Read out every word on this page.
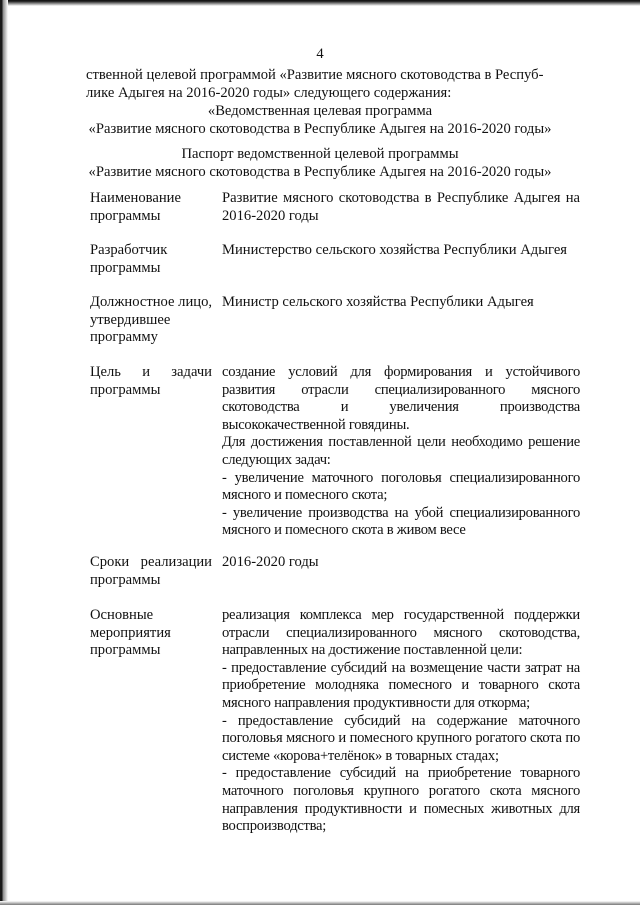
4
ственной целевой программой «Развитие мясного скотоводства в Респуб-
лике Адыгея на 2016-2020 годы» следующего содержания:
«Ведомственная целевая программа
«Развитие мясного скотоводства в Республике Адыгея на 2016-2020 годы»
Паспорт ведомственной целевой программы
«Развитие мясного скотоводства в Республике Адыгея на 2016-2020 годы»
Наименование программы

Развитие мясного скотоводства в Республике Адыгея на 2016-2020 годы

Разработчик программы

Министерство сельского хозяйства Республики Адыгея

Должностное лицо, утвердившее программу

Министр сельского хозяйства Республики Адыгея

Цель и задачи программы

создание условий для формирования и устойчивого развития отрасли специализированного мясного скотоводства и увеличения производства высококачественной говядины.

Для достижения поставленной цели необходимо решение следующих задач:

- увеличение маточного поголовья специализированного мясного и помесного скота;

- увеличение производства на убой специализированного мясного и помесного скота в живом весе

Сроки реализации программы

2016-2020 годы

Основные мероприятия программы

реализация комплекса мер государственной поддержки отрасли специализированного мясного скотоводства, направленных на достижение поставленной цели:

- предоставление субсидий на возмещение части затрат на приобретение молодняка помесного и товарного скота мясного направления продуктивности для откорма;

- предоставление субсидий на содержание маточного поголовья мясного и помесного крупного рогатого скота по системе «корова+телёнок» в товарных стадах;

- предоставление субсидий на приобретение товарного маточного поголовья крупного рогатого скота мясного направления продуктивности и помесных животных для воспроизводства;
